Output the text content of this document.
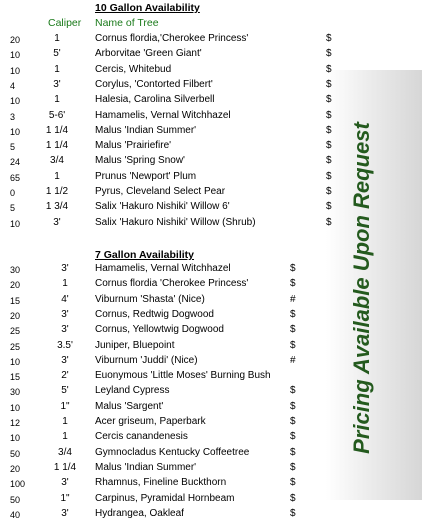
Pricing Available Upon Request
10 Gallon Availability
Caliper Name of Tree
20	1	Cornus flordia,'Cherokee Princess'	$
10	5'	Arborvitae 'Green Giant'	$
10	1	Cercis, Whitebud	$
4	3'	Corylus, 'Contorted Filbert'	$
10	1	Halesia, Carolina Silverbell	$
3	5-6'	Hamamelis, Vernal Witchhazel	$
10	1 1/4	Malus 'Indian Summer'	$
5	1 1/4	Malus 'Prairiefire'	$
24	3/4	Malus 'Spring Snow'	$
65	1	Prunus 'Newport' Plum	$
0	1 1/2	Pyrus, Cleveland Select Pear	$
5	1 3/4	Salix 'Hakuro Nishiki' Willow 6'	$
10	3'	Salix 'Hakuro Nishiki' Willow (Shrub)	$
7 Gallon Availability
30	3'	Hamamelis, Vernal Witchhazel	$
20	1	Cornus flordia 'Cherokee Princess'	$
15	4'	Viburnum 'Shasta' (Nice)	#
20	3'	Cornus, Redtwig Dogwood	$
25	3'	Cornus, Yellowtwig Dogwood	$
25	3.5'	Juniper, Bluepoint	$
10	3'	Viburnum 'Juddi' (Nice)	#
15	2'	Euonymous 'Little Moses' Burning Bush
30	5'	Leyland Cypress	$
10	1"	Malus 'Sargent'	$
12	1	Acer griseum, Paperbark	$
10	1	Cercis canandenesis	$
50	3/4	Gymnocladus Kentucky Coffeetree	$
20	1 1/4	Malus 'Indian Summer'	$
100	3'	Rhamnus, Fineline Buckthorn	$
50	1"	Carpinus, Pyramidal Hornbeam	$
40	3'	Hydrangea, Oakleaf	$
